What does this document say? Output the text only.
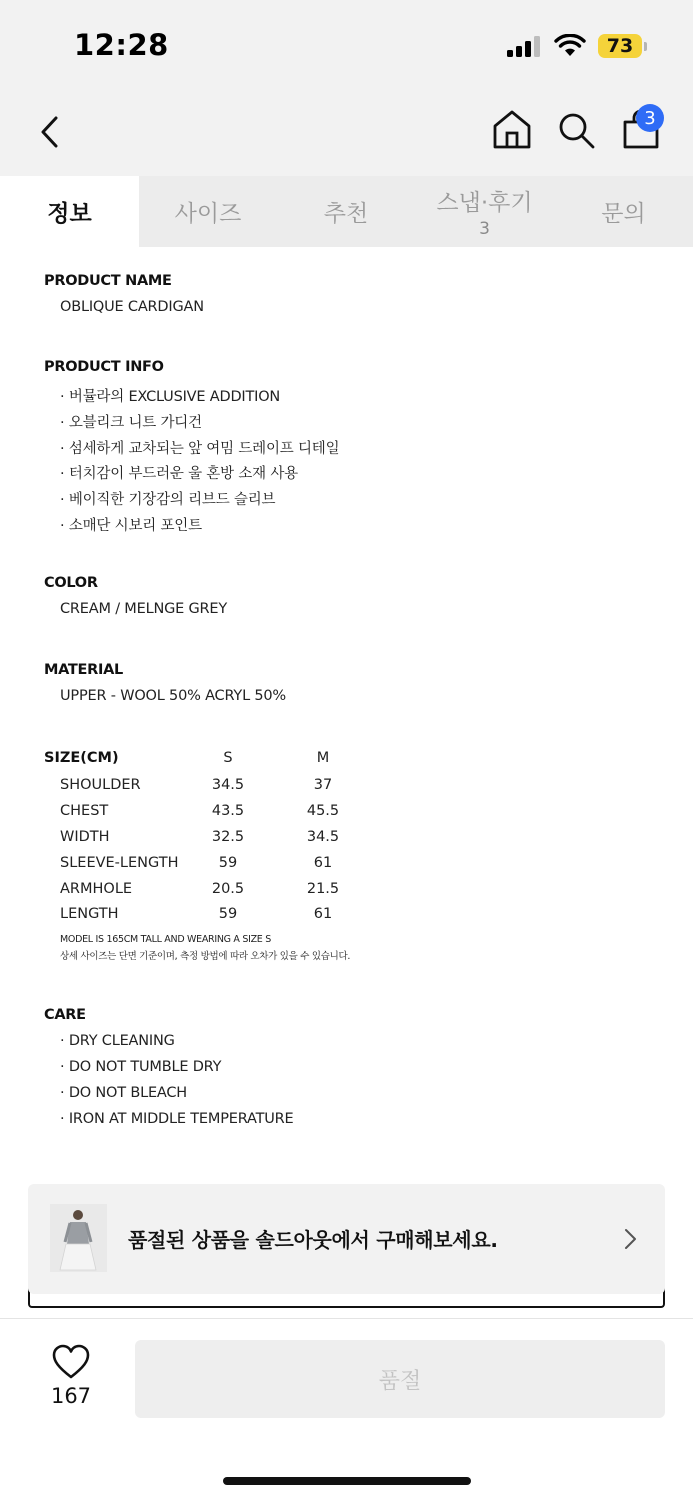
12:28	73
3
정보	사이즈	추천	스냅·후기
3
문의
PRODUCT NAME
OBLIQUE CARDIGAN
PRODUCT INFO
· 버뮬라의 EXCLUSIVE ADDITION
· 오블리크 니트 가디건
· 섬세하게 교차되는 앞 여밈 드레이프 디테일
· 터치감이 부드러운 울 혼방 소재 사용
· 베이직한 기장감의 리브드 슬리브
· 소매단 시보리 포인트
COLOR
CREAM / MELNGE GREY
MATERIAL
UPPER - WOOL 50% ACRYL 50%
SIZE(CM)	S	M
SHOULDER	34.5	37
CHEST	43.5	45.5
WIDTH	32.5	34.5
SLEEVE-LENGTH	59	61
ARMHOLE	20.5	21.5
LENGTH	59	61
MODEL IS 165CM TALL AND WEARING A SIZE S
상세 사이즈는 단면 기준이며, 측정 방법에 따라 오차가 있을 수 있습니다.
CARE
· DRY CLEANING
· DO NOT TUMBLE DRY
· DO NOT BLEACH
· IRON AT MIDDLE TEMPERATURE
품절된 상품을 솔드아웃에서 구매해보세요.
167
품절
